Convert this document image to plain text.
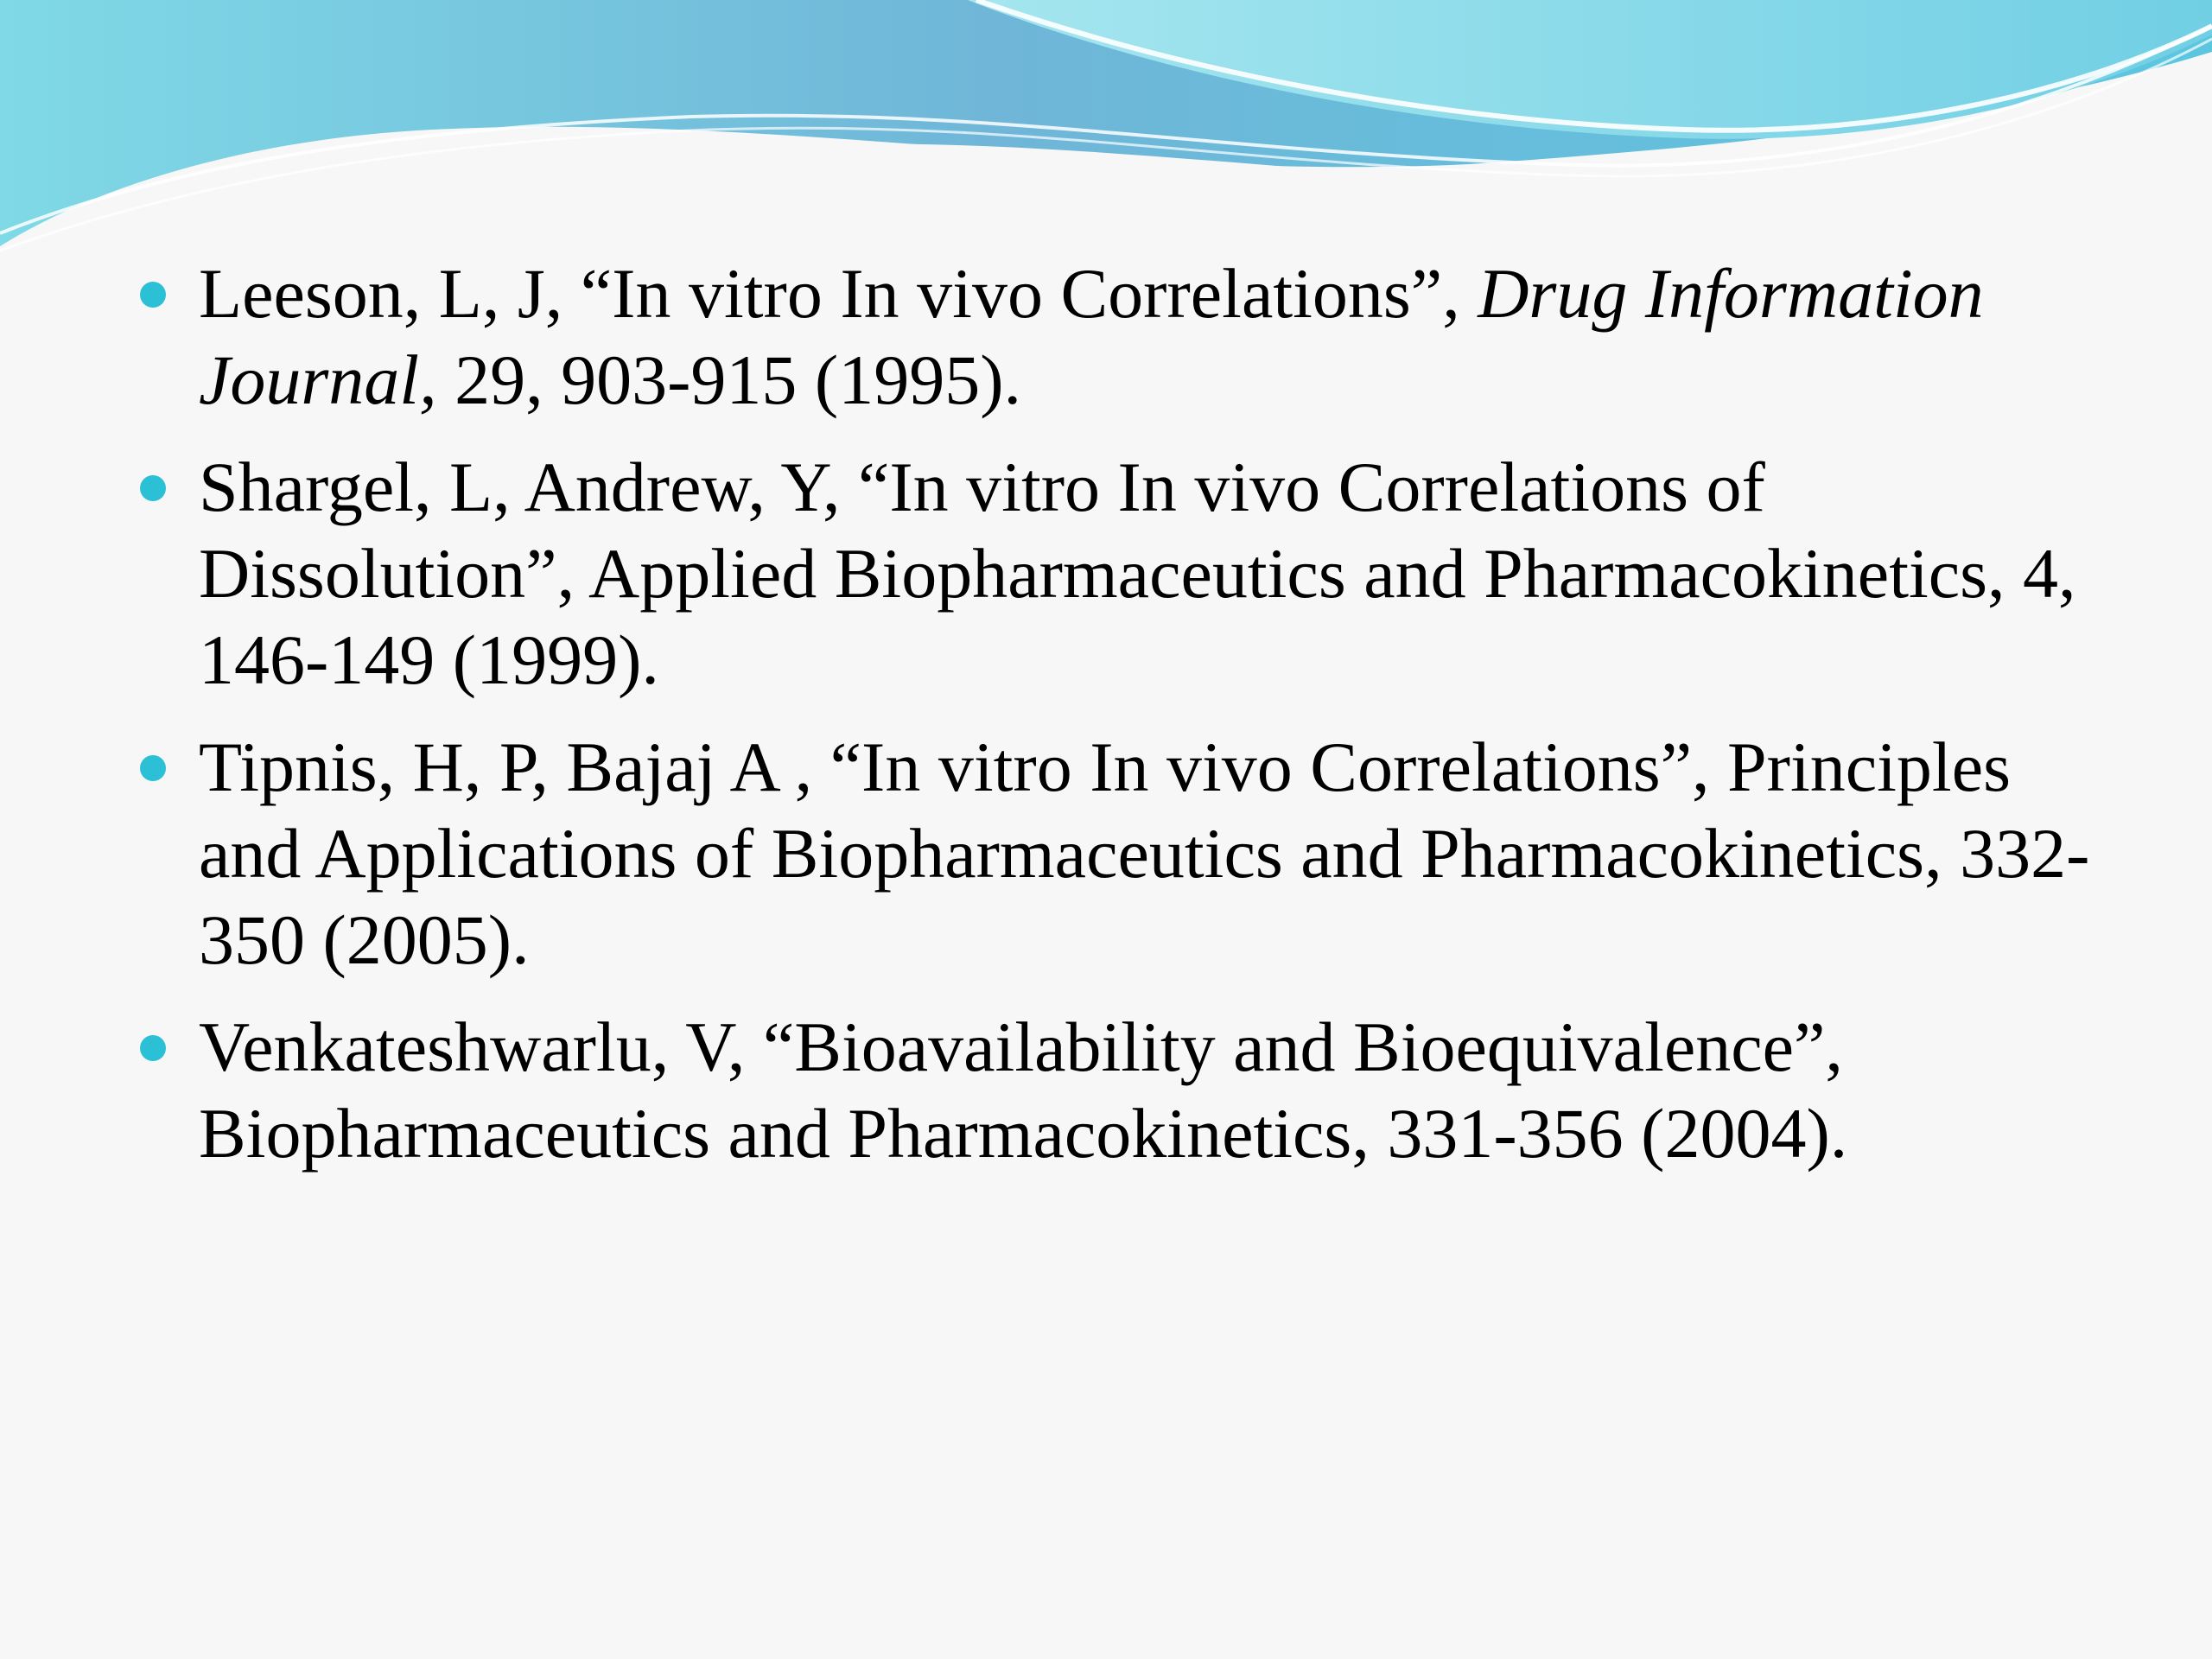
Leeson, L, J, “In vitro In vivo Correlations”, Drug Information Journal, 29, 903-915 (1995).
Shargel, L, Andrew, Y, “In vitro In vivo Correlations of Dissolution”, Applied Biopharmaceutics and Pharmacokinetics, 4, 146-149 (1999).
Tipnis, H, P, Bajaj A , “In vitro In vivo Correlations”, Principles and Applications of Biopharmaceutics and Pharmacokinetics, 332-350 (2005).
Venkateshwarlu, V, “Bioavailability and Bioequivalence”, Biopharmaceutics and Pharmacokinetics, 331-356 (2004).
